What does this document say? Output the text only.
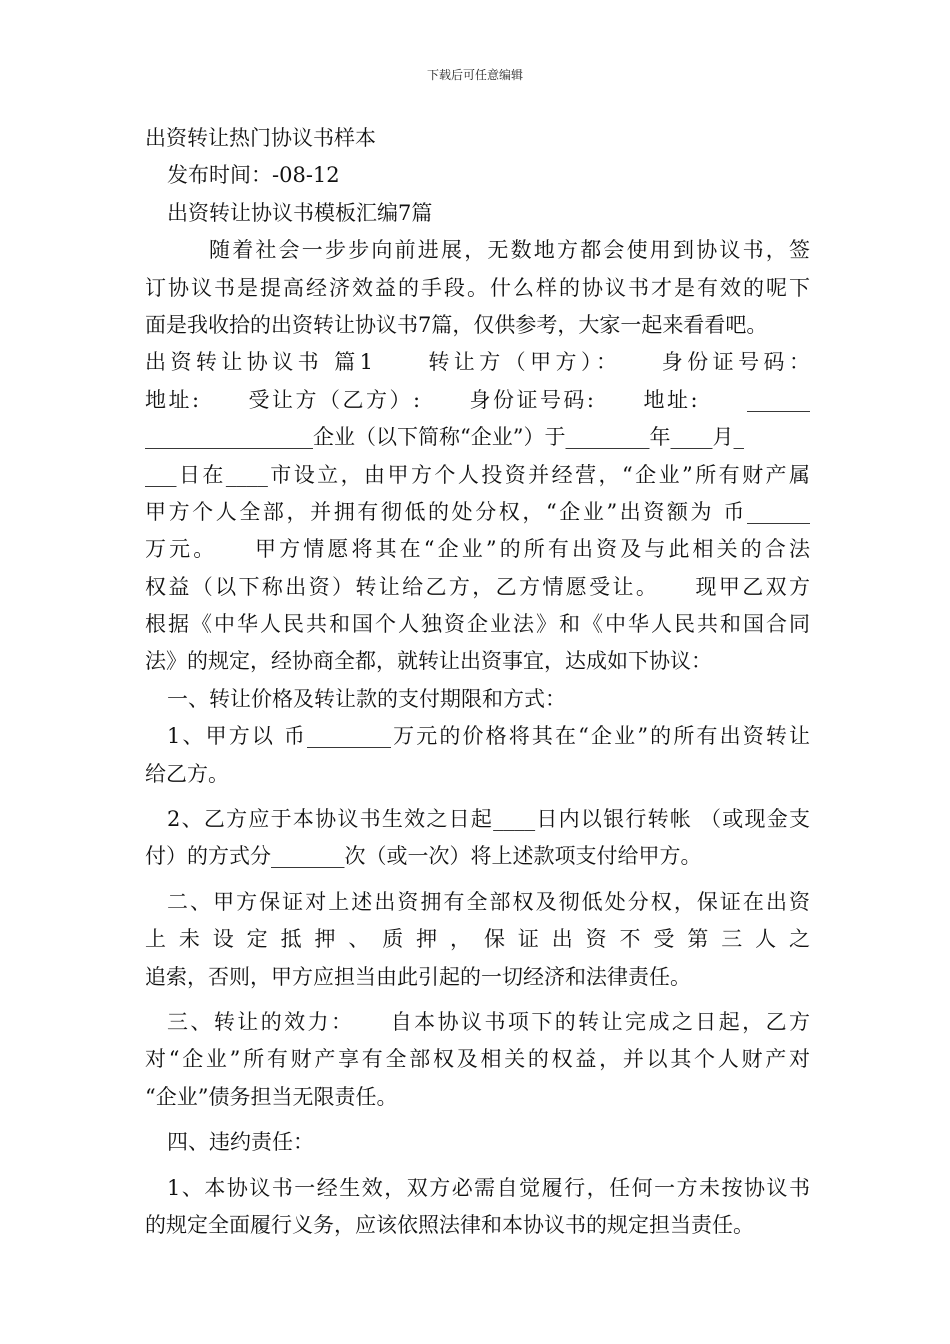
下载后可任意编辑
出资转让热门协议书样本
发布时间：-08-12
出资转让协议书模板汇编7篇
随着社会一步步向前进展，无数地方都会使用到协议书，签
订协议书是提高经济效益的手段。什么样的协议书才是有效的呢下
面是我收拾的出资转让协议书7篇，仅供参考，大家一起来看看吧。
出资转让协议书 篇1　　转让方（甲方）：　　身份证号码：
地址:　　受让方（乙方）:　　身份证号码:　　地址:　　______
________________企业（以下简称“企业”）于________年____月_
___日在____市设立，由甲方个人投资并经营，“企业”所有财产属
甲方个人全部，并拥有彻低的处分权，“企业”出资额为 币______
万元。　　甲方情愿将其在“企业”的所有出资及与此相关的合法
权益（以下称出资）转让给乙方，乙方情愿受让。　　现甲乙双方
根据《中华人民共和国个人独资企业法》和《中华人民共和国合同
法》的规定，经协商全都，就转让出资事宜，达成如下协议：
一、转让价格及转让款的支付期限和方式：
1、甲方以 币________万元的价格将其在“企业”的所有出资转让
给乙方。
2、乙方应于本协议书生效之日起____日内以银行转帐 （或现金支
付）的方式分_______次（或一次）将上述款项支付给甲方。
二、甲方保证对上述出资拥有全部权及彻低处分权，保证在出资
上未设定抵押、质押，保证出资不受第三人之
追索，否则，甲方应担当由此引起的一切经济和法律责任。
三、转让的效力：　　自本协议书项下的转让完成之日起，乙方
对“企业”所有财产享有全部权及相关的权益，并以其个人财产对
“企业”债务担当无限责任。
四、违约责任：
1、本协议书一经生效，双方必需自觉履行，任何一方未按协议书
的规定全面履行义务，应该依照法律和本协议书的规定担当责任。
